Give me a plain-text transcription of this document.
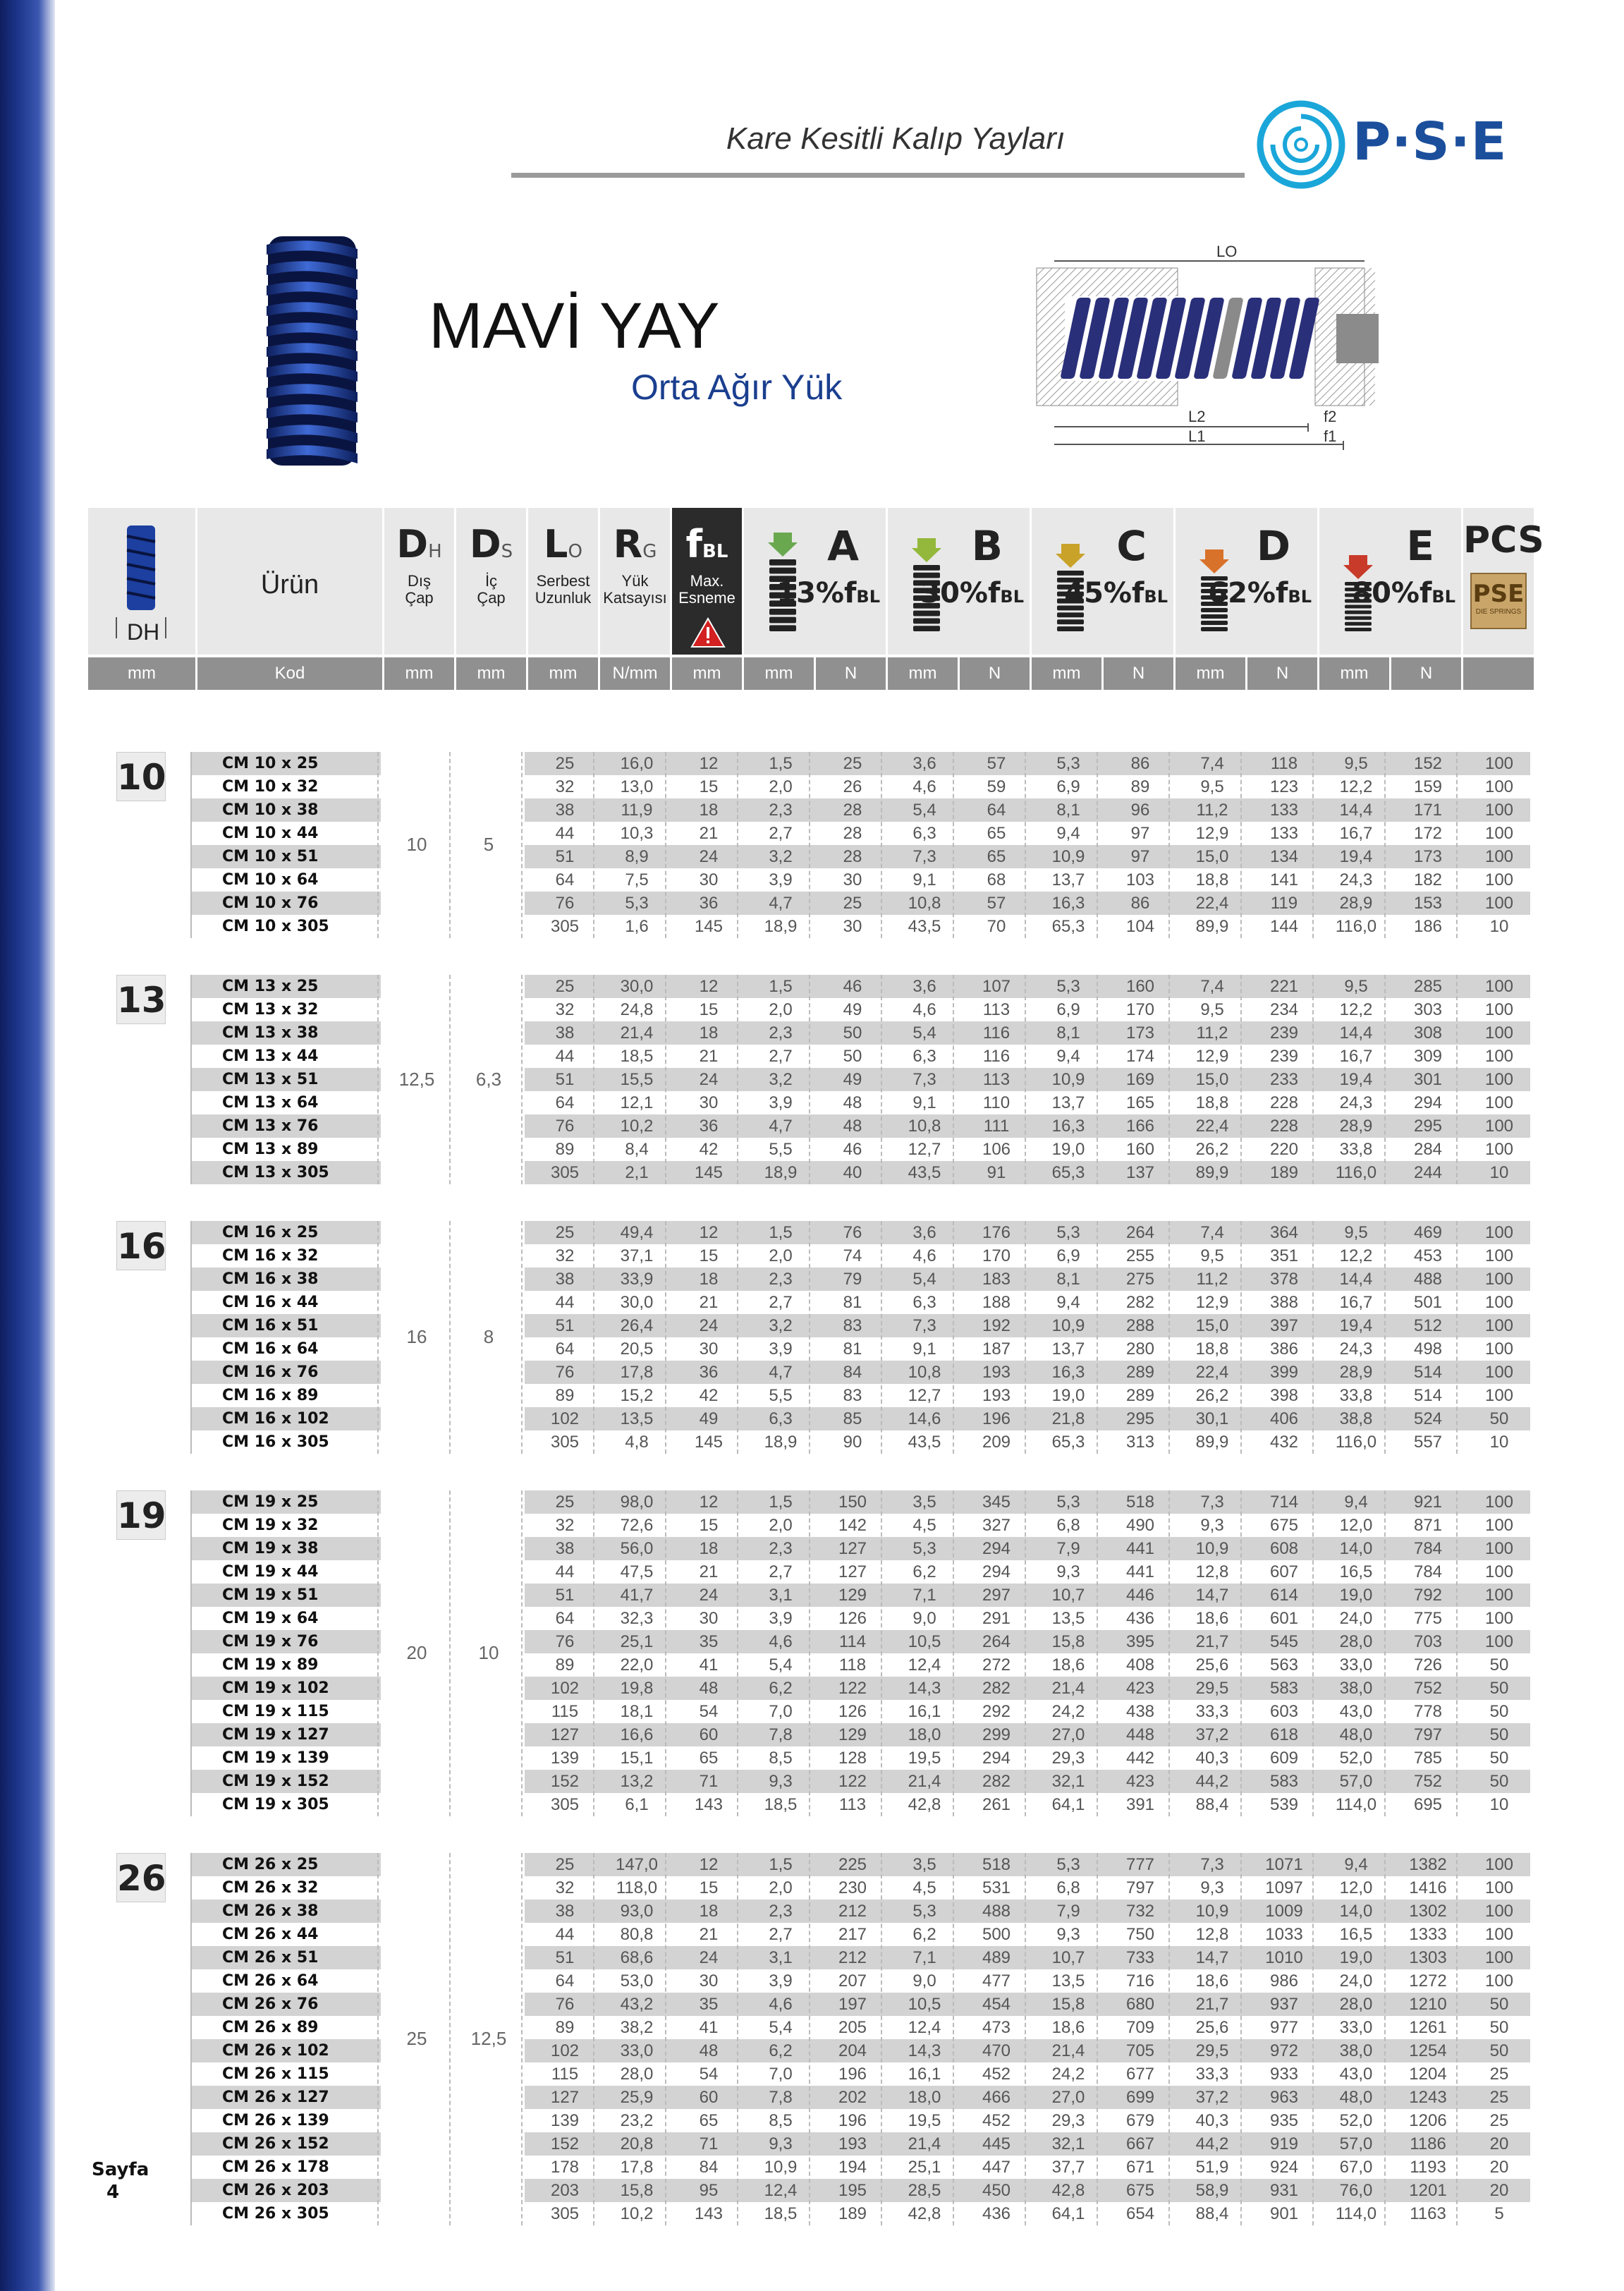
Kare Kesitli Kalıp Yayları	P·S·E
MAVİ YAY
Orta Ağır Yük
LO
L2
L1
f2
f1
DH
Ürün
DH
Dış
Çap
DS
İç
Çap
LO
Serbest
Uzunluk
RG
Yük
Katsayısı
fBL
Max.
Esneme
A
13%fBL
B
30%fBL
C
45%fBL
D
62%fBL
E
80%fBL
PCS
PSE
DIE SPRINGS
mm	Kod	mm	mm	mm	N/mm	mm	mm	N	mm	N	mm	N	mm	N	mm	N
10	CM 10 x 25	25	16,0	12	1,5	25	3,6	57	5,3	86	7,4	118	9,5	152	100
CM 10 x 32	32	13,0	15	2,0	26	4,6	59	6,9	89	9,5	123	12,2	159	100
CM 10 x 38	38	11,9	18	2,3	28	5,4	64	8,1	96	11,2	133	14,4	171	100
CM 10 x 44	44	10,3	21	2,7	28	6,3	65	9,4	97	12,9	133	16,7	172	100
CM 10 x 51	51	8,9	24	3,2	28	7,3	65	10,9	97	15,0	134	19,4	173	100
CM 10 x 64	64	7,5	30	3,9	30	9,1	68	13,7	103	18,8	141	24,3	182	100
CM 10 x 76	76	5,3	36	4,7	25	10,8	57	16,3	86	22,4	119	28,9	153	100
CM 10 x 305	305	1,6	145	18,9	30	43,5	70	65,3	104	89,9	144	116,0	186	10
10	5
13	CM 13 x 25	25	30,0	12	1,5	46	3,6	107	5,3	160	7,4	221	9,5	285	100
CM 13 x 32	32	24,8	15	2,0	49	4,6	113	6,9	170	9,5	234	12,2	303	100
CM 13 x 38	38	21,4	18	2,3	50	5,4	116	8,1	173	11,2	239	14,4	308	100
CM 13 x 44	44	18,5	21	2,7	50	6,3	116	9,4	174	12,9	239	16,7	309	100
CM 13 x 51	51	15,5	24	3,2	49	7,3	113	10,9	169	15,0	233	19,4	301	100
CM 13 x 64	64	12,1	30	3,9	48	9,1	110	13,7	165	18,8	228	24,3	294	100
CM 13 x 76	76	10,2	36	4,7	48	10,8	111	16,3	166	22,4	228	28,9	295	100
CM 13 x 89	89	8,4	42	5,5	46	12,7	106	19,0	160	26,2	220	33,8	284	100
CM 13 x 305	305	2,1	145	18,9	40	43,5	91	65,3	137	89,9	189	116,0	244	10
12,5	6,3
16	CM 16 x 25	25	49,4	12	1,5	76	3,6	176	5,3	264	7,4	364	9,5	469	100
CM 16 x 32	32	37,1	15	2,0	74	4,6	170	6,9	255	9,5	351	12,2	453	100
CM 16 x 38	38	33,9	18	2,3	79	5,4	183	8,1	275	11,2	378	14,4	488	100
CM 16 x 44	44	30,0	21	2,7	81	6,3	188	9,4	282	12,9	388	16,7	501	100
CM 16 x 51	51	26,4	24	3,2	83	7,3	192	10,9	288	15,0	397	19,4	512	100
CM 16 x 64	64	20,5	30	3,9	81	9,1	187	13,7	280	18,8	386	24,3	498	100
CM 16 x 76	76	17,8	36	4,7	84	10,8	193	16,3	289	22,4	399	28,9	514	100
CM 16 x 89	89	15,2	42	5,5	83	12,7	193	19,0	289	26,2	398	33,8	514	100
CM 16 x 102	102	13,5	49	6,3	85	14,6	196	21,8	295	30,1	406	38,8	524	50
CM 16 x 305	305	4,8	145	18,9	90	43,5	209	65,3	313	89,9	432	116,0	557	10
16	8
19	CM 19 x 25	25	98,0	12	1,5	150	3,5	345	5,3	518	7,3	714	9,4	921	100
CM 19 x 32	32	72,6	15	2,0	142	4,5	327	6,8	490	9,3	675	12,0	871	100
CM 19 x 38	38	56,0	18	2,3	127	5,3	294	7,9	441	10,9	608	14,0	784	100
CM 19 x 44	44	47,5	21	2,7	127	6,2	294	9,3	441	12,8	607	16,5	784	100
CM 19 x 51	51	41,7	24	3,1	129	7,1	297	10,7	446	14,7	614	19,0	792	100
CM 19 x 64	64	32,3	30	3,9	126	9,0	291	13,5	436	18,6	601	24,0	775	100
CM 19 x 76	76	25,1	35	4,6	114	10,5	264	15,8	395	21,7	545	28,0	703	100
CM 19 x 89	89	22,0	41	5,4	118	12,4	272	18,6	408	25,6	563	33,0	726	50
CM 19 x 102	102	19,8	48	6,2	122	14,3	282	21,4	423	29,5	583	38,0	752	50
CM 19 x 115	115	18,1	54	7,0	126	16,1	292	24,2	438	33,3	603	43,0	778	50
CM 19 x 127	127	16,6	60	7,8	129	18,0	299	27,0	448	37,2	618	48,0	797	50
CM 19 x 139	139	15,1	65	8,5	128	19,5	294	29,3	442	40,3	609	52,0	785	50
CM 19 x 152	152	13,2	71	9,3	122	21,4	282	32,1	423	44,2	583	57,0	752	50
CM 19 x 305	305	6,1	143	18,5	113	42,8	261	64,1	391	88,4	539	114,0	695	10
20	10
26	CM 26 x 25	25	147,0	12	1,5	225	3,5	518	5,3	777	7,3	1071	9,4	1382	100
CM 26 x 32	32	118,0	15	2,0	230	4,5	531	6,8	797	9,3	1097	12,0	1416	100
CM 26 x 38	38	93,0	18	2,3	212	5,3	488	7,9	732	10,9	1009	14,0	1302	100
CM 26 x 44	44	80,8	21	2,7	217	6,2	500	9,3	750	12,8	1033	16,5	1333	100
CM 26 x 51	51	68,6	24	3,1	212	7,1	489	10,7	733	14,7	1010	19,0	1303	100
CM 26 x 64	64	53,0	30	3,9	207	9,0	477	13,5	716	18,6	986	24,0	1272	100
CM 26 x 76	76	43,2	35	4,6	197	10,5	454	15,8	680	21,7	937	28,0	1210	50
CM 26 x 89	89	38,2	41	5,4	205	12,4	473	18,6	709	25,6	977	33,0	1261	50
CM 26 x 102	102	33,0	48	6,2	204	14,3	470	21,4	705	29,5	972	38,0	1254	50
CM 26 x 115	115	28,0	54	7,0	196	16,1	452	24,2	677	33,3	933	43,0	1204	25
CM 26 x 127	127	25,9	60	7,8	202	18,0	466	27,0	699	37,2	963	48,0	1243	25
CM 26 x 139	139	23,2	65	8,5	196	19,5	452	29,3	679	40,3	935	52,0	1206	25
CM 26 x 152	152	20,8	71	9,3	193	21,4	445	32,1	667	44,2	919	57,0	1186	20
CM 26 x 178	178	17,8	84	10,9	194	25,1	447	37,7	671	51,9	924	67,0	1193	20
CM 26 x 203	203	15,8	95	12,4	195	28,5	450	42,8	675	58,9	931	76,0	1201	20
CM 26 x 305	305	10,2	143	18,5	189	42,8	436	64,1	654	88,4	901	114,0	1163	5
25	12,5
Sayfa
4
